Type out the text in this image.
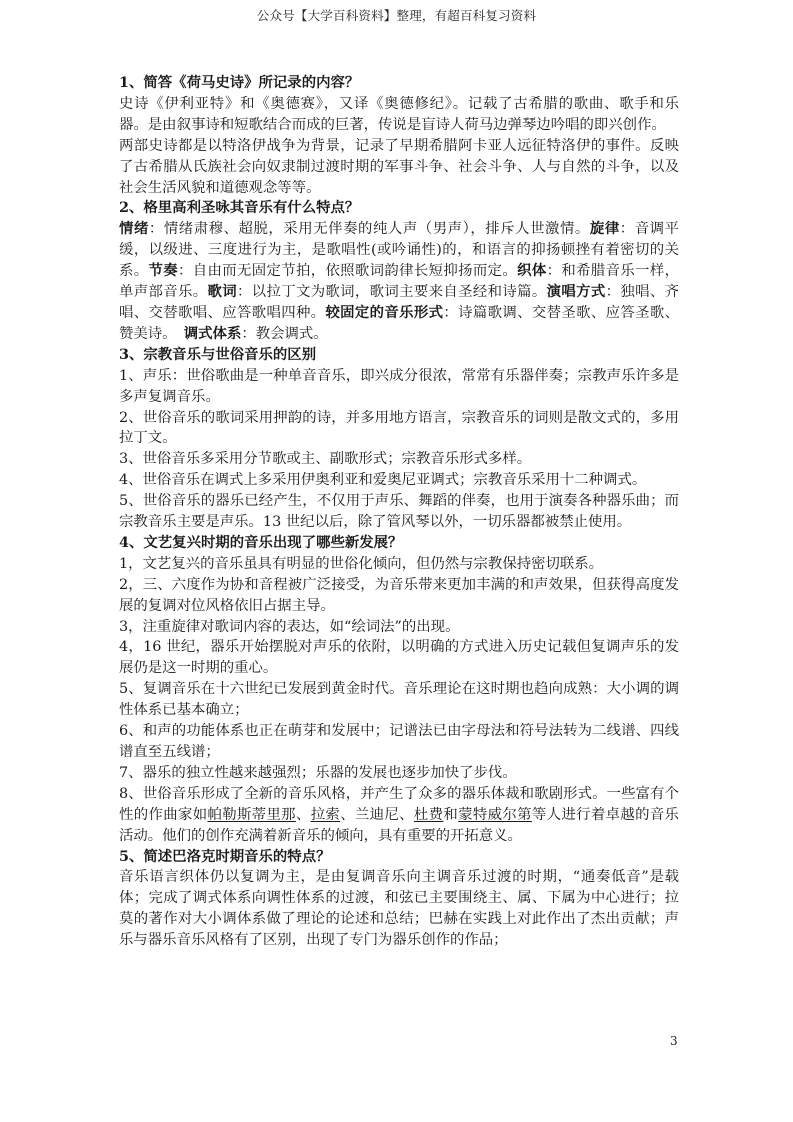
公众号【大学百科资料】整理，有超百科复习资料

1、简答《荷马史诗》所记录的内容？

史诗《伊利亚特》和《奥德赛》，又译《奥德修纪》。记载了古希腊的歌曲、歌手和乐器。是由叙事诗和短歌结合而成的巨著，传说是盲诗人荷马边弹琴边吟唱的即兴创作。

两部史诗都是以特洛伊战争为背景，记录了早期希腊阿卡亚人远征特洛伊的事件。反映了古希腊从氏族社会向奴隶制过渡时期的军事斗争、社会斗争、人与自然的斗争，以及社会生活风貌和道德观念等等。

2、格里高利圣咏其音乐有什么特点？

情绪：情绪肃穆、超脱，采用无伴奏的纯人声（男声），排斥人世激情。旋律：音调平缓，以级进、三度进行为主，是歌唱性(或吟诵性)的，和语言的抑扬顿挫有着密切的关系。节奏：自由而无固定节拍，依照歌词韵律长短抑扬而定。织体：和希腊音乐一样，单声部音乐。歌词：以拉丁文为歌词，歌词主要来自圣经和诗篇。演唱方式：独唱、齐唱、交替歌唱、应答歌唱四种。较固定的音乐形式：诗篇歌调、交替圣歌、应答圣歌、赞美诗。　调式体系：教会调式。

3、宗教音乐与世俗音乐的区别

1、声乐：世俗歌曲是一种单音音乐，即兴成分很浓，常常有乐器伴奏；宗教声乐许多是多声复调音乐。

2、世俗音乐的歌词采用押韵的诗，并多用地方语言，宗教音乐的词则是散文式的，多用拉丁文。

3、世俗音乐多采用分节歌或主、副歌形式；宗教音乐形式多样。

4、世俗音乐在调式上多采用伊奥利亚和爱奥尼亚调式；宗教音乐采用十二种调式。

5、世俗音乐的器乐已经产生，不仅用于声乐、舞蹈的伴奏，也用于演奏各种器乐曲；而宗教音乐主要是声乐。13 世纪以后，除了管风琴以外，一切乐器都被禁止使用。

4、文艺复兴时期的音乐出现了哪些新发展？

1，文艺复兴的音乐虽具有明显的世俗化倾向，但仍然与宗教保持密切联系。

2，三、六度作为协和音程被广泛接受，为音乐带来更加丰满的和声效果，但获得高度发展的复调对位风格依旧占据主导。

3，注重旋律对歌词内容的表达，如“绘词法”的出现。

4，16 世纪，器乐开始摆脱对声乐的依附，以明确的方式进入历史记载但复调声乐的发展仍是这一时期的重心。

5、复调音乐在十六世纪已发展到黄金时代。音乐理论在这时期也趋向成熟：大小调的调性体系已基本确立；

6、和声的功能体系也正在萌芽和发展中；记谱法已由字母法和符号法转为二线谱、四线谱直至五线谱；

7、器乐的独立性越来越强烈；乐器的发展也逐步加快了步伐。

8、世俗音乐形成了全新的音乐风格，并产生了众多的器乐体裁和歌剧形式。一些富有个性的作曲家如帕勒斯蒂里那、拉索、兰迪尼、杜费和蒙特威尔第等人进行着卓越的音乐活动。他们的创作充满着新音乐的倾向，具有重要的开拓意义。

5、简述巴洛克时期音乐的特点？

音乐语言织体仍以复调为主，是由复调音乐向主调音乐过渡的时期，“通奏低音”是载体；完成了调式体系向调性体系的过渡，和弦已主要围绕主、属、下属为中心进行；拉莫的著作对大小调体系做了理论的论述和总结；巴赫在实践上对此作出了杰出贡献；声乐与器乐音乐风格有了区别，出现了专门为器乐创作的作品；

3
